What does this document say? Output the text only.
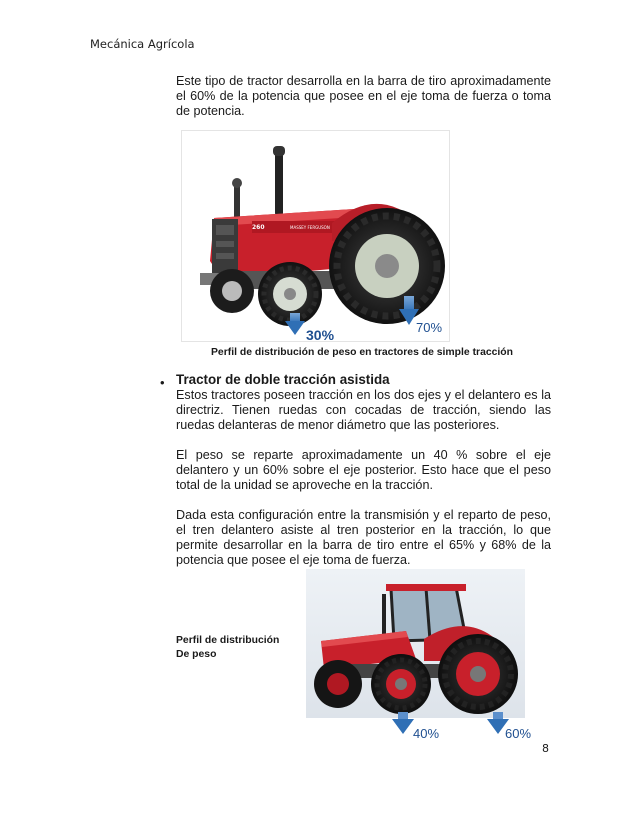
Mecánica Agrícola

Este tipo de tractor desarrolla en la barra de tiro aproximadamente el 60% de la potencia que posee en el eje toma de fuerza o toma de potencia.

260	MASSEY FERGUSON
30%	70%
Perfil de distribución de peso en tractores de simple tracción
• Tractor de doble tracción asistida

Estos tractores poseen tracción en los dos ejes y el delantero es la directriz. Tienen ruedas con cocadas de tracción, siendo las ruedas delanteras de menor diámetro que las posteriores.

El peso se reparte aproximadamente un 40 % sobre el eje delantero y un 60% sobre el eje posterior. Esto hace que el peso total de la unidad se aproveche en la tracción.

Dada esta configuración entre la transmisión y el reparto de peso, el tren delantero asiste al tren posterior en la tracción, lo que permite desarrollar en la barra de tiro entre el 65% y 68% de la potencia que posee el eje toma de fuerza.

Perfil de distribución
De peso
40%	60%
8
